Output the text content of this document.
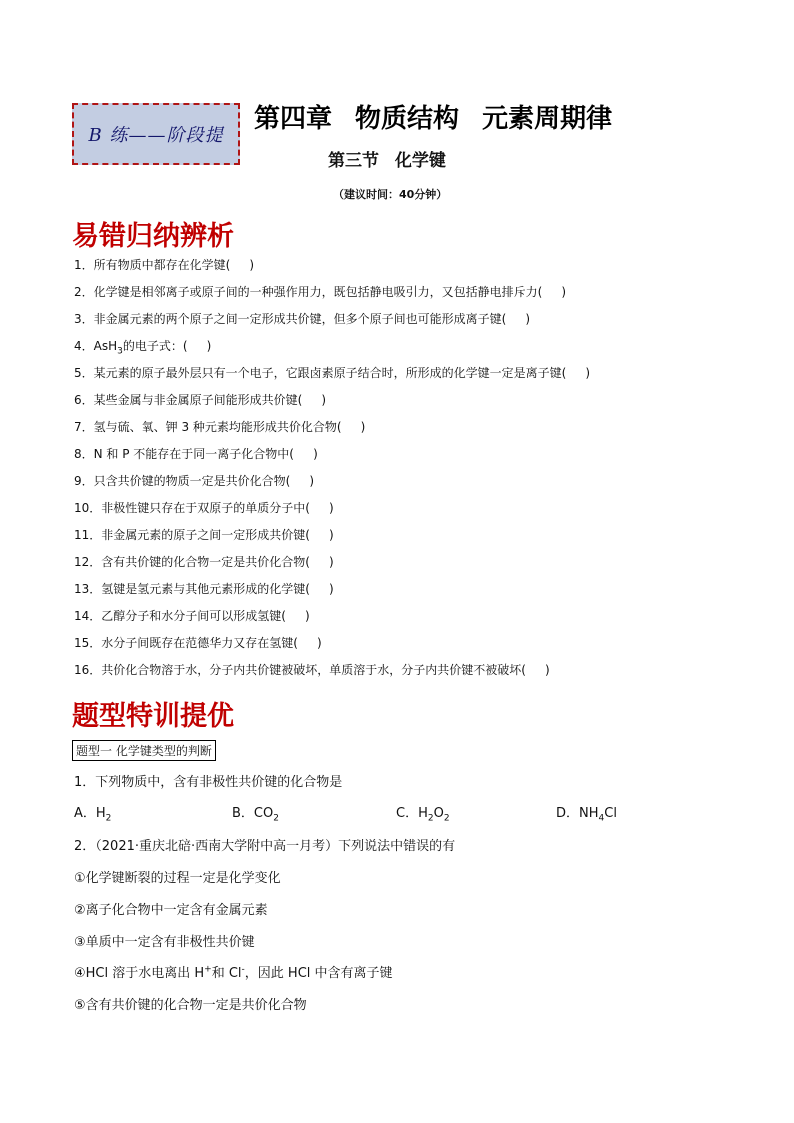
B 练——阶段提
第四章 物质结构 元素周期律
第三节 化学键
（建议时间：40分钟）
易错归纳辨析
1．所有物质中都存在化学键( )
2．化学键是相邻离子或原子间的一种强作用力，既包括静电吸引力，又包括静电排斥力( )
3．非金属元素的两个原子之间一定形成共价键，但多个原子间也可能形成离子键( )
4．AsH$_3$的电子式：( )
5．某元素的原子最外层只有一个电子，它跟卤素原子结合时，所形成的化学键一定是离子键( )
6．某些金属与非金属原子间能形成共价键( )
7．氢与硫、氧、钾 3 种元素均能形成共价化合物( )
8．N 和 P 不能存在于同一离子化合物中( )
9．只含共价键的物质一定是共价化合物( )
10．非极性键只存在于双原子的单质分子中( )
11．非金属元素的原子之间一定形成共价键( )
12．含有共价键的化合物一定是共价化合物( )
13．氢键是氢元素与其他元素形成的化学键( )
14．乙醇分子和水分子间可以形成氢键( )
15．水分子间既存在范德华力又存在氢键( )
16．共价化合物溶于水，分子内共价键被破坏，单质溶于水，分子内共价键不被破坏( )
题型特训提优
题型一 化学键类型的判断
1．下列物质中，含有非极性共价键的化合物是
A．$H_2$	B．$CO_2$	C．$H_2O_2$	D．$NH_4Cl$
2．（2021·重庆北碚·西南大学附中高一月考）下列说法中错误的有
①化学键断裂的过程一定是化学变化
②离子化合物中一定含有金属元素
③单质中一定含有非极性共价键
④HCl 溶于水电离出 H+和 Cl-，因此 HCl 中含有离子键
⑤含有共价键的化合物一定是共价化合物
